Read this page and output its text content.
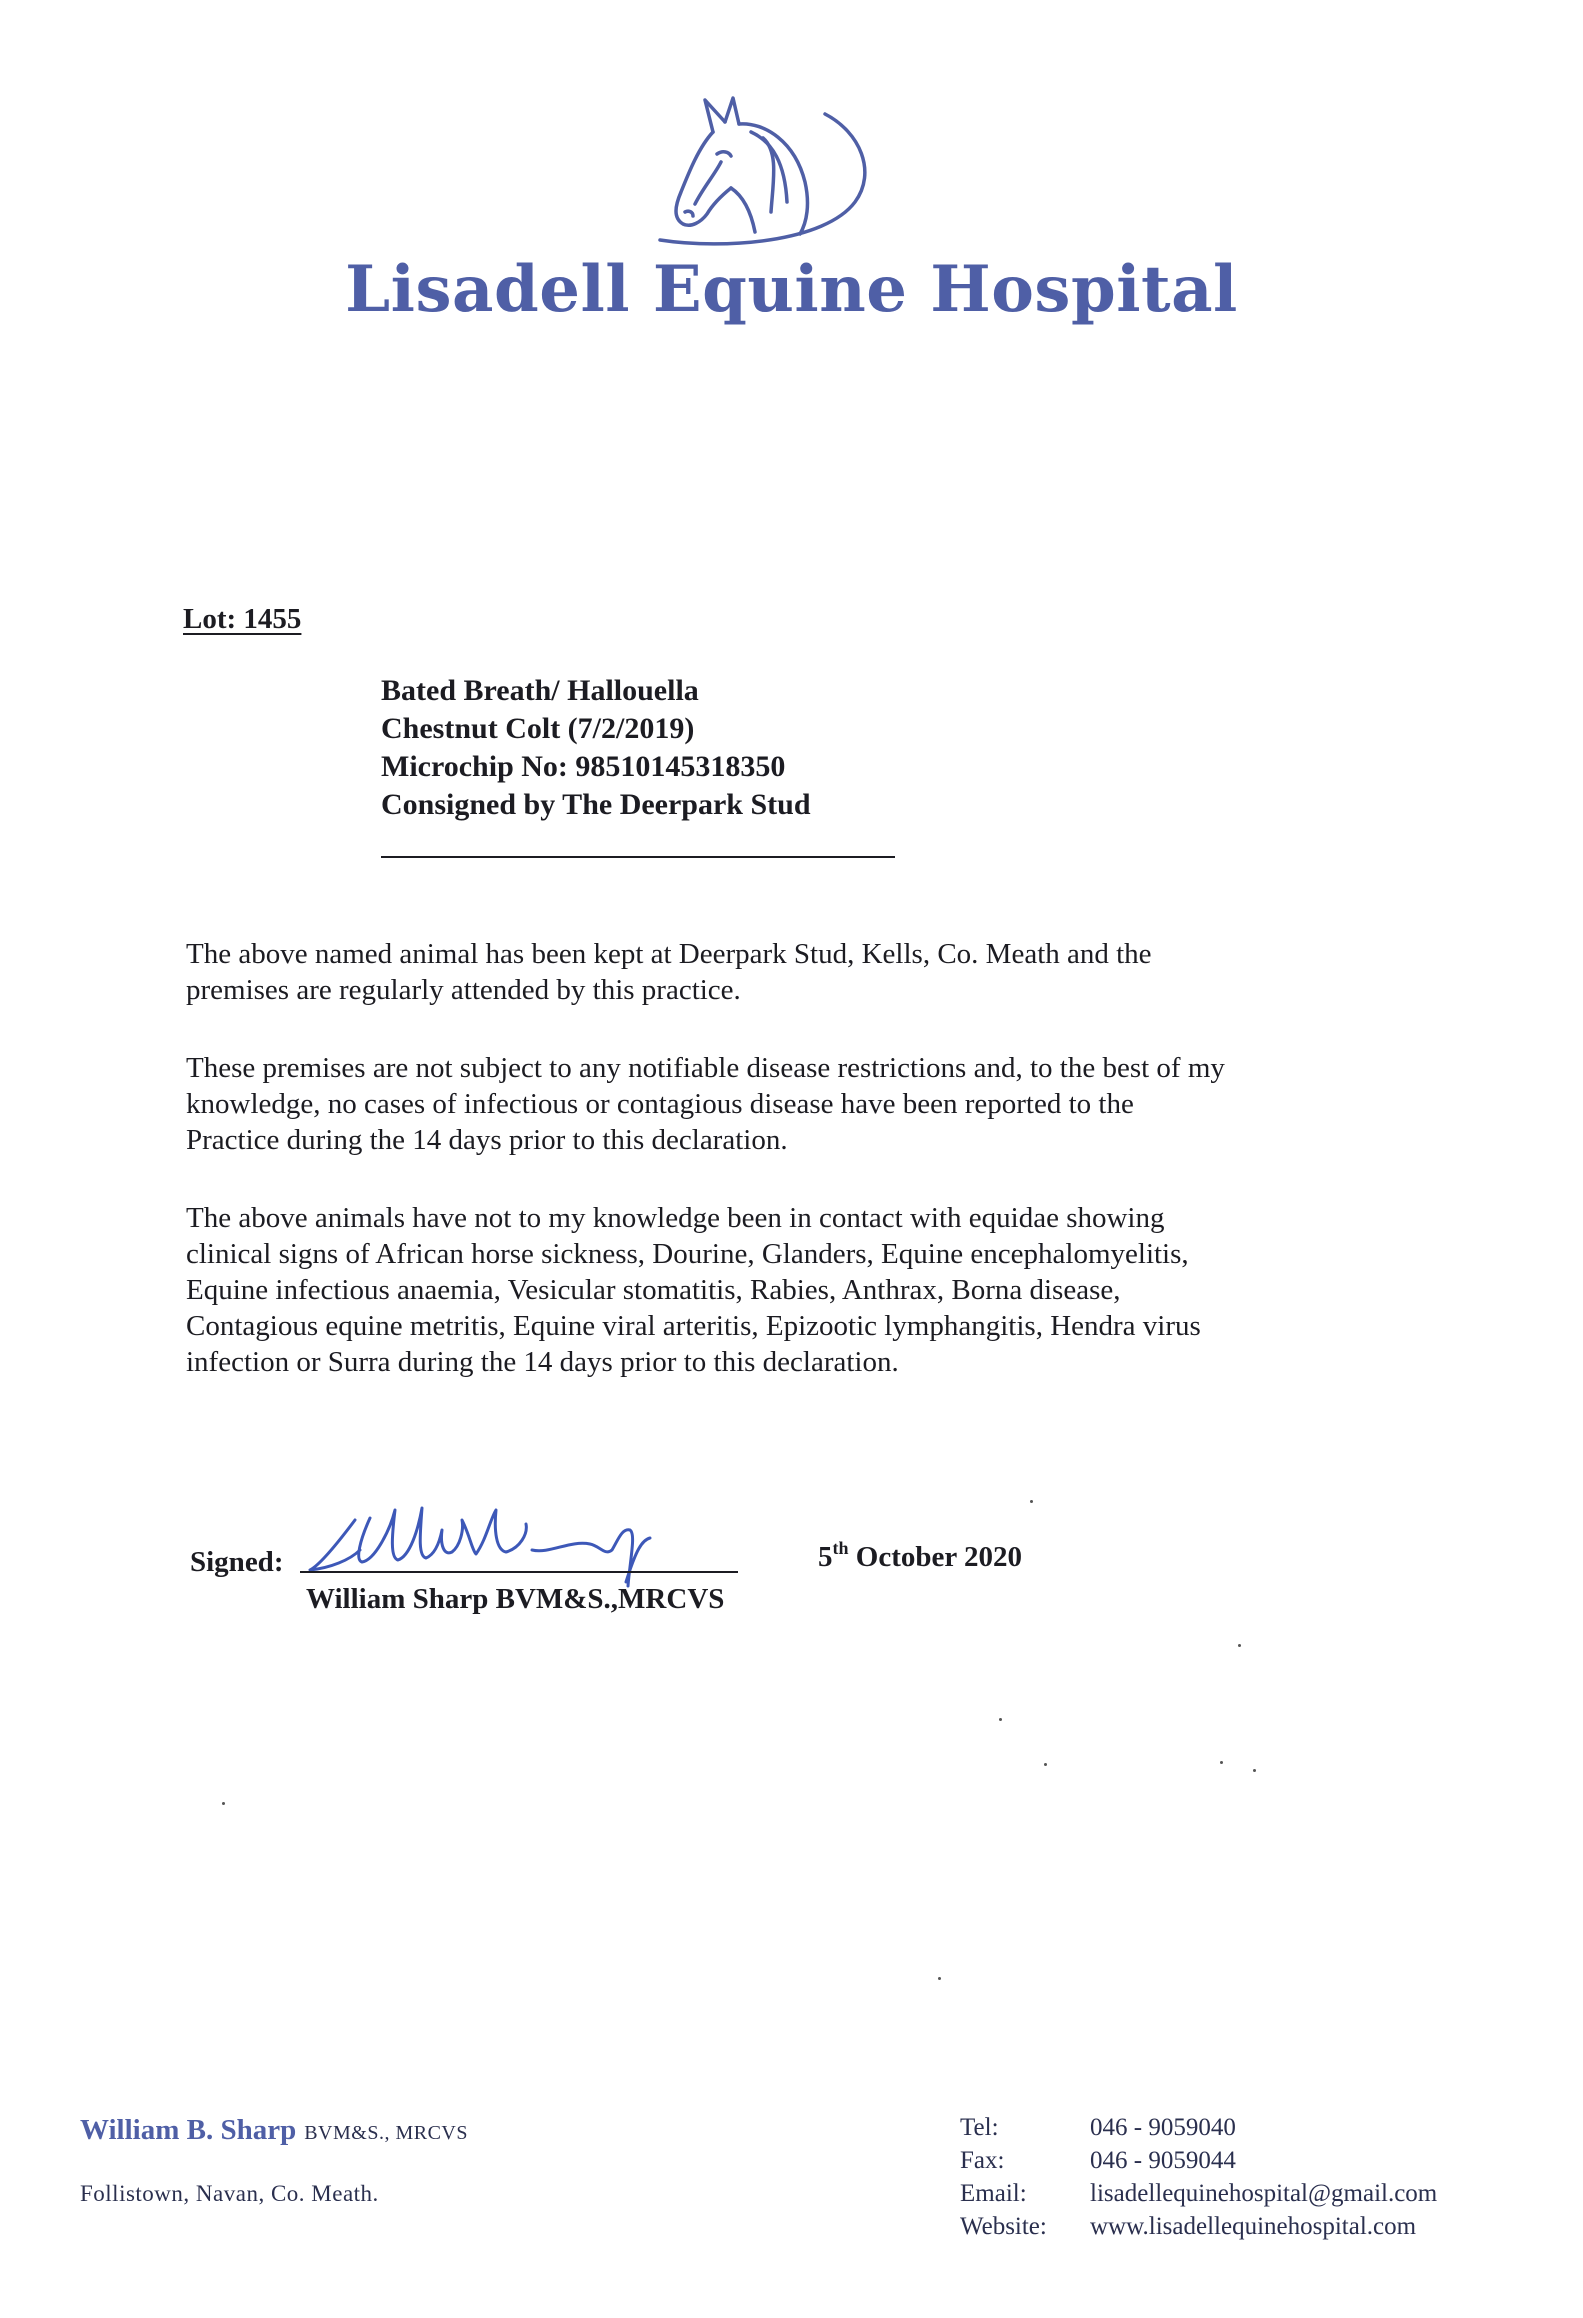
Lisadell Equine Hospital
Lot: 1455
Bated Breath/ Hallouella
Chestnut Colt (7/2/2019)
Microchip No: 98510145318350
Consigned by The Deerpark Stud
The above named animal has been kept at Deerpark Stud, Kells, Co. Meath and the
premises are regularly attended by this practice.
These premises are not subject to any notifiable disease restrictions and, to the best of my
knowledge, no cases of infectious or contagious disease have been reported to the
Practice during the 14 days prior to this declaration.
The above animals have not to my knowledge been in contact with equidae showing
clinical signs of African horse sickness, Dourine, Glanders, Equine encephalomyelitis,
Equine infectious anaemia, Vesicular stomatitis, Rabies, Anthrax, Borna disease,
Contagious equine metritis, Equine viral arteritis, Epizootic lymphangitis, Hendra virus
infection or Surra during the 14 days prior to this declaration.
Signed:
William Sharp BVM&S.,MRCVS
5th October 2020
William B. Sharp BVM&S., MRCVS
Follistown, Navan, Co. Meath.
Tel:	046 - 9059040
Fax:	046 - 9059044
Email:	lisadellequinehospital@gmail.com
Website:	www.lisadellequinehospital.com
